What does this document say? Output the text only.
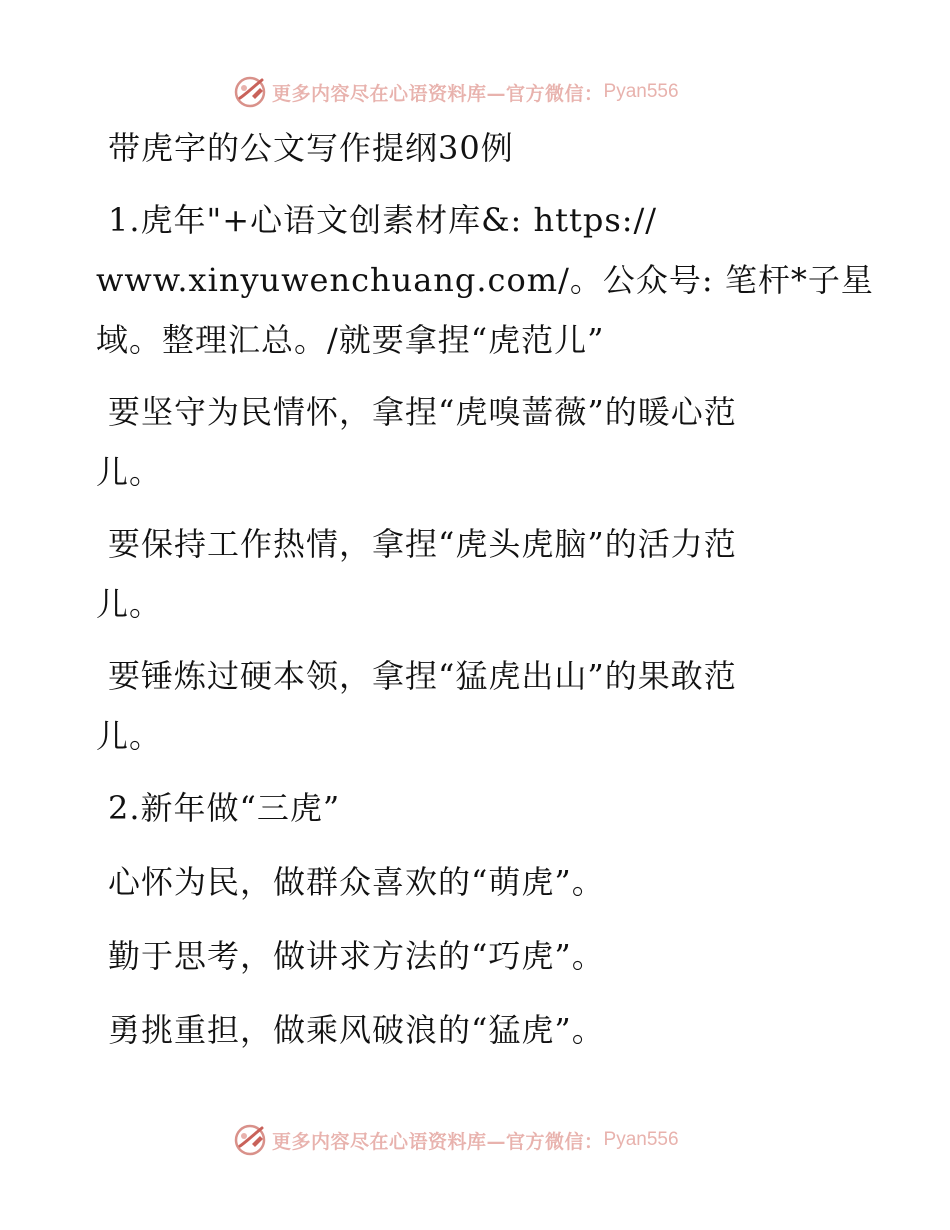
更多内容尽在心语资料库—官方微信： Pyan556
带虎字的公文写作提纲30例
1.虎年"+心语文创素材库&: https://
www.xinyuwenchuang.com/。公众号: 笔杆*子星
域。整理汇总。/就要拿捏“虎范儿”
要坚守为民情怀，拿捏“虎嗅蔷薇”的暖心范
儿。
要保持工作热情，拿捏“虎头虎脑”的活力范
儿。
要锤炼过硬本领，拿捏“猛虎出山”的果敢范
儿。
2.新年做“三虎”
心怀为民，做群众喜欢的“萌虎”。
勤于思考，做讲求方法的“巧虎”。
勇挑重担，做乘风破浪的“猛虎”。
更多内容尽在心语资料库—官方微信： Pyan556
